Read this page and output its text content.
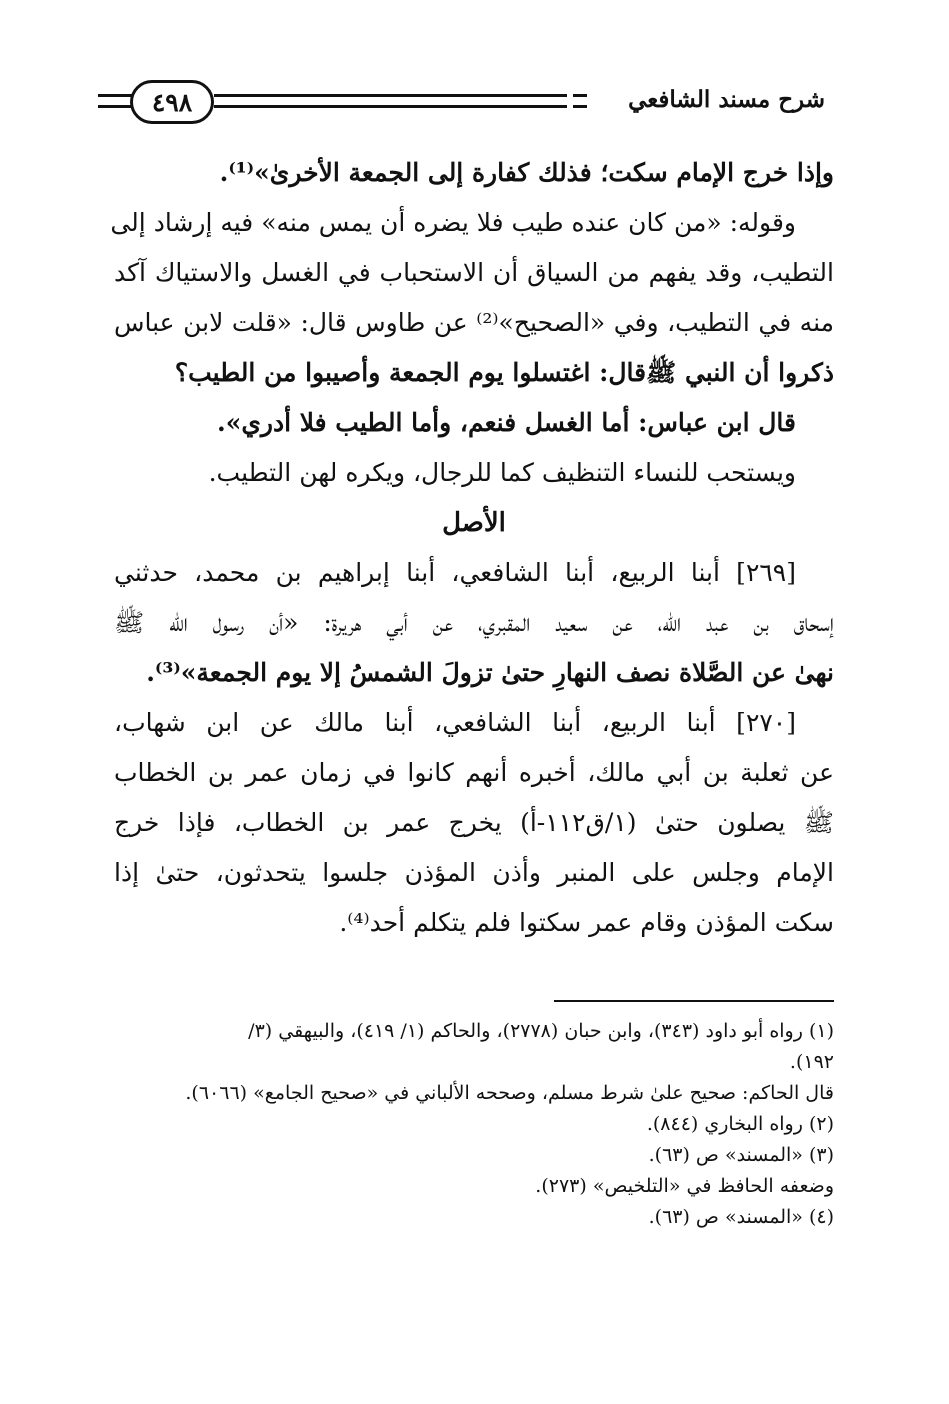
شرح مسند الشافعي
٤٩٨
وإذا خرج الإمام سكت؛ فذلك كفارة إلى الجمعة الأخرىٰ»⁽¹⁾.
وقوله: «من كان عنده طيب فلا يضره أن يمس منه» فيه إرشاد إلى
التطيب، وقد يفهم من السياق أن الاستحباب في الغسل والاستياك آكد
منه في التطيب، وفي «الصحيح»⁽²⁾ عن طاوس قال: «قلت لابن عباس
ذكروا أن النبي ﷺقال: اغتسلوا يوم الجمعة وأصيبوا من الطيب؟
قال ابن عباس: أما الغسل فنعم، وأما الطيب فلا أدري».
ويستحب للنساء التنظيف كما للرجال، ويكره لهن التطيب.
الأصل
[٢٦٩] أبنا الربيع، أبنا الشافعي، أبنا إبراهيم بن محمد، حدثني
إسحاق بن عبد الله، عن سعيد المقبري، عن أبي هريرة: «أن رسول الله ﷺ
نهىٰ عن الصَّلاة نصف النهارِ حتىٰ تزولَ الشمسُ إلا يوم الجمعة»⁽³⁾.
[٢٧٠] أبنا الربيع، أبنا الشافعي، أبنا مالك عن ابن شهاب،
عن ثعلبة بن أبي مالك، أخبره أنهم كانوا في زمان عمر بن الخطاب
ﷺ يصلون حتىٰ (١/ق١١٢-أ) يخرج عمر بن الخطاب، فإذا خرج
الإمام وجلس على المنبر وأذن المؤذن جلسوا يتحدثون، حتىٰ إذا
سكت المؤذن وقام عمر سكتوا فلم يتكلم أحد⁽⁴⁾.
(١) رواه أبو داود (٣٤٣)، وابن حبان (٢٧٧٨)، والحاكم (١/ ٤١٩)، والبيهقي (٣/
١٩٢).
قال الحاكم: صحيح علىٰ شرط مسلم، وصححه الألباني في «صحيح الجامع» (٦٠٦٦).
(٢) رواه البخاري (٨٤٤).
(٣) «المسند» ص (٦٣).
وضعفه الحافظ في «التلخيص» (٢٧٣).
(٤) «المسند» ص (٦٣).
